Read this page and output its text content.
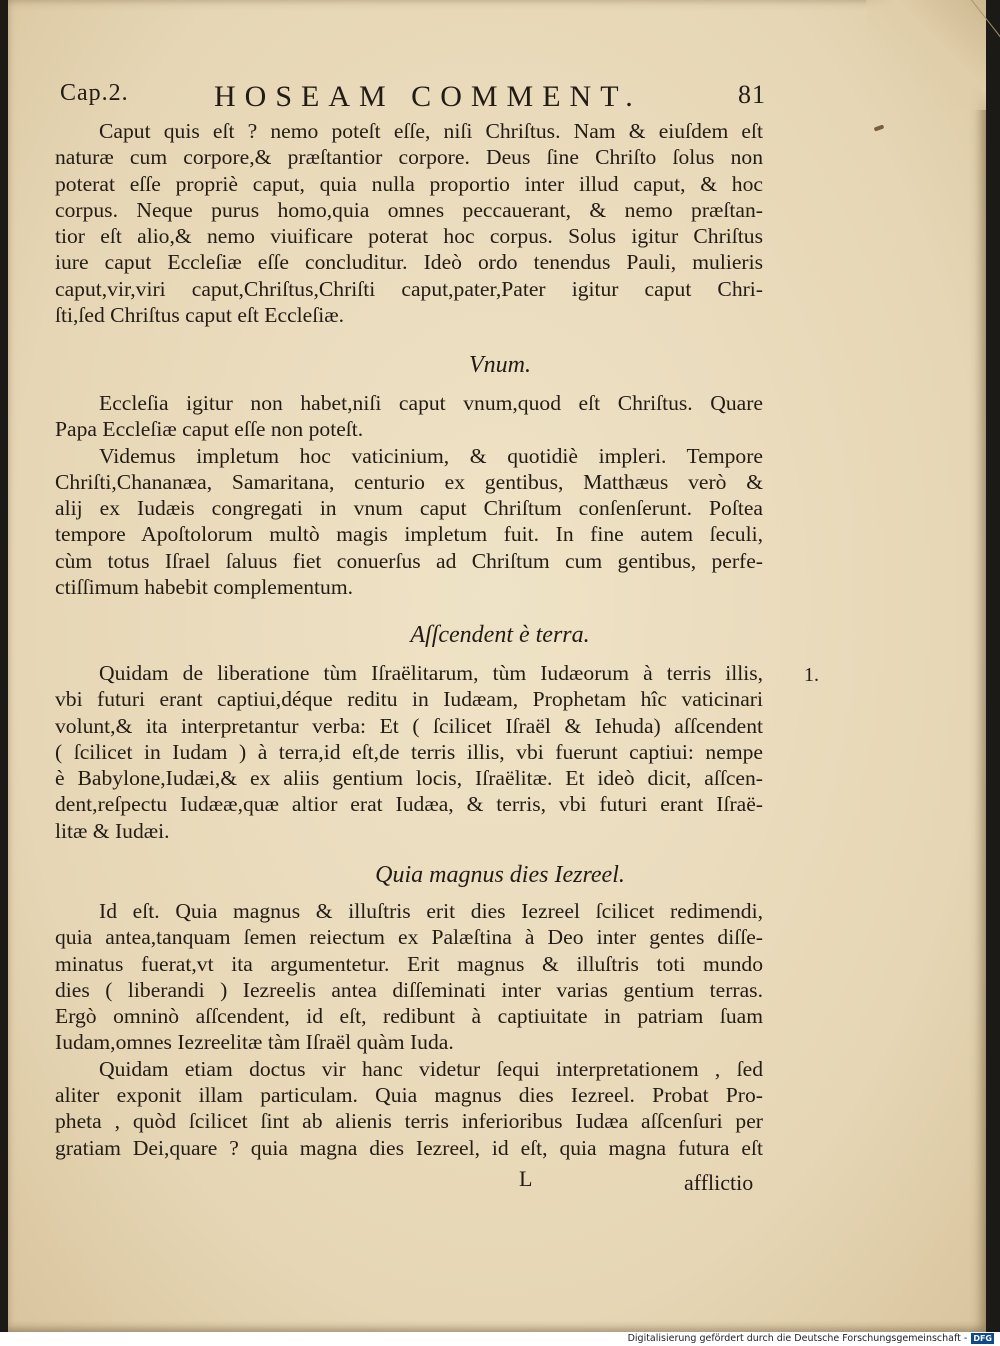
Cap.2.	HOSEAM COMMENT.	81
Caput quis eſt ? nemo poteſt eſſe, niſi Chriſtus. Nam & eiuſdem eſt
naturæ cum corpore,& præſtantior corpore. Deus ſine Chriſto ſolus non
poterat eſſe propriè caput, quia nulla proportio inter illud caput, & hoc
corpus. Neque purus homo,quia omnes peccauerant, & nemo præſtan-
tior eſt alio,& nemo viuificare poterat hoc corpus. Solus igitur Chriſtus
iure caput Eccleſiæ eſſe concluditur. Ideò ordo tenendus Pauli, mulieris
caput,vir,viri caput,Chriſtus,Chriſti caput,pater,Pater igitur caput Chri-
ſti,ſed Chriſtus caput eſt Eccleſiæ.
Vnum.
Eccleſia igitur non habet,niſi caput vnum,quod eſt Chriſtus. Quare
Papa Eccleſiæ caput eſſe non poteſt.
Videmus impletum hoc vaticinium, & quotidiè impleri. Tempore
Chriſti,Chananæa, Samaritana, centurio ex gentibus, Matthæus verò &
alij ex Iudæis congregati in vnum caput Chriſtum conſenſerunt. Poſtea
tempore Apoſtolorum multò magis impletum fuit. In fine autem ſeculi,
cùm totus Iſrael ſaluus fiet conuerſus ad Chriſtum cum gentibus, perfe-
ctiſſimum habebit complementum.
Aſſcendent è terra.
1.
Quidam de liberatione tùm Iſraëlitarum, tùm Iudæorum à terris illis,
vbi futuri erant captiui,déque reditu in Iudæam, Prophetam hîc vaticinari
volunt,& ita interpretantur verba: Et ( ſcilicet Iſraël & Iehuda) aſſcendent
( ſcilicet in Iudam ) à terra,id eſt,de terris illis, vbi fuerunt captiui: nempe
è Babylone,Iudæi,& ex aliis gentium locis, Iſraëlitæ. Et ideò dicit, aſſcen-
dent,reſpectu Iudææ,quæ altior erat Iudæa, & terris, vbi futuri erant Iſraë-
litæ & Iudæi.
Quia magnus dies Iezreel.
Id eſt. Quia magnus & illuſtris erit dies Iezreel ſcilicet redimendi,
quia antea,tanquam ſemen reiectum ex Palæſtina à Deo inter gentes diſſe-
minatus fuerat,vt ita argumentetur. Erit magnus & illuſtris toti mundo
dies ( liberandi ) Iezreelis antea diſſeminati inter varias gentium terras.
Ergò omninò aſſcendent, id eſt, redibunt à captiuitate in patriam ſuam
Iudam,omnes Iezreelitæ tàm Iſraël quàm Iuda.
Quidam etiam doctus vir hanc videtur ſequi interpretationem , ſed
aliter exponit illam particulam. Quia magnus dies Iezreel. Probat Pro-
pheta , quòd ſcilicet ſint ab alienis terris inferioribus Iudæa aſſcenſuri per
gratiam Dei,quare ? quia magna dies Iezreel, id eſt, quia magna futura eſt
L	afflictio
Digitalisierung gefördert durch die Deutsche Forschungsgemeinschaft - DFG
